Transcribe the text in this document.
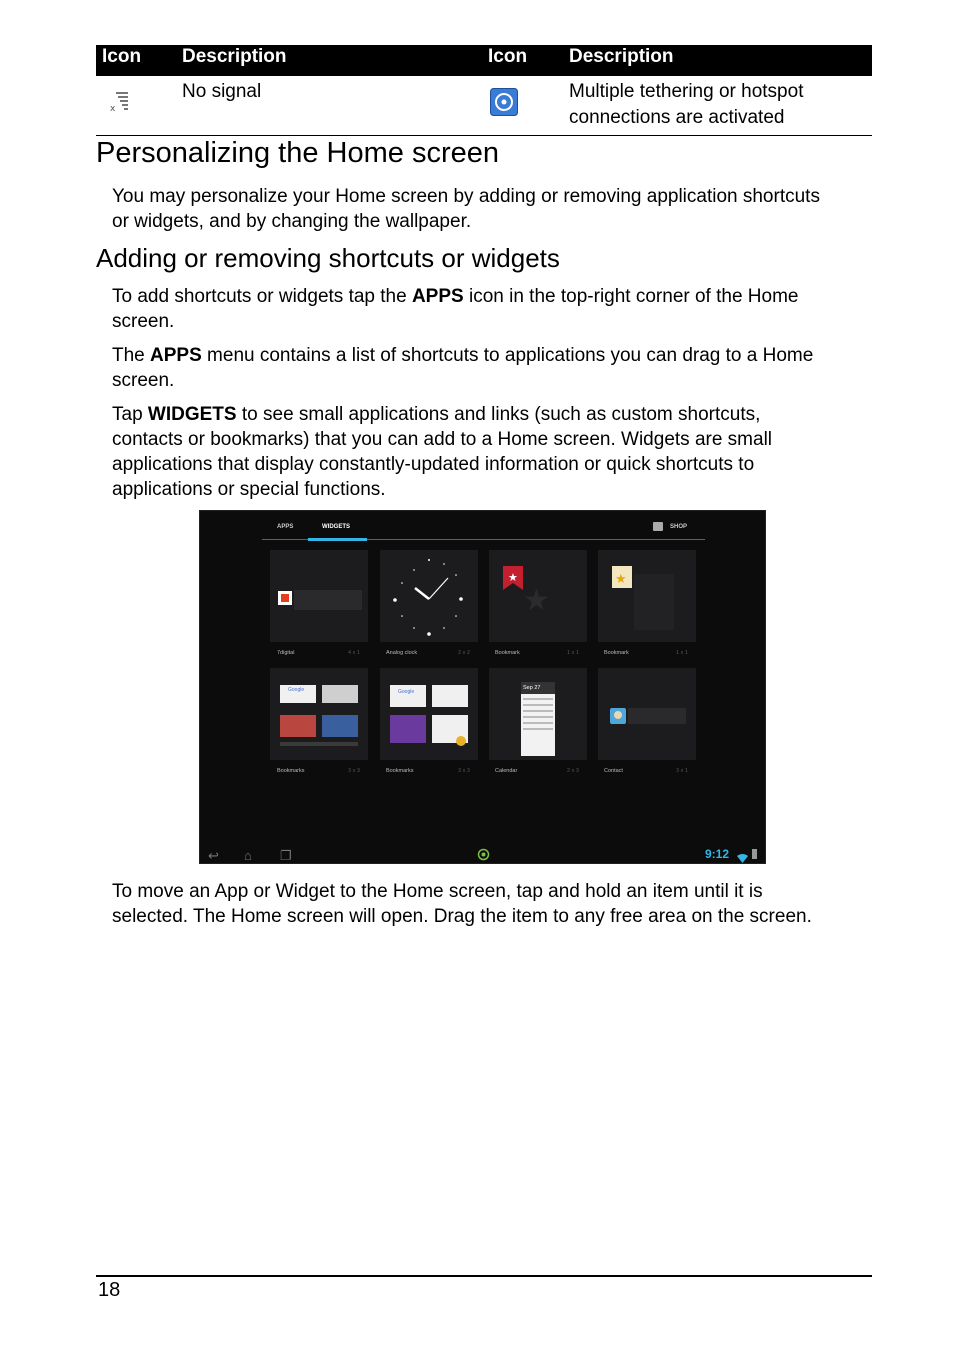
Icon Description	Icon Description
x
No signal	Multiple tethering or hotspot
connections are activated
Personalizing the Home screen

You may personalize your Home screen by adding or removing application shortcuts
or widgets, and by changing the wallpaper.

Adding or removing shortcuts or widgets

To add shortcuts or widgets tap the APPS icon in the top-right corner of the Home
screen.

The APPS menu contains a list of shortcuts to applications you can drag to a Home
screen.

Tap WIDGETS to see small applications and links (such as custom shortcuts,
contacts or bookmarks) that you can add to a Home screen. Widgets are small
applications that display constantly-updated information or quick shortcuts to
applications or special functions.

APPS	WIDGETS	SHOP
7digital	4 x 1	Analog clock	2 x 2
★
★
Bookmark	1 x 1
★
Bookmark	1 x 1
Google
Bookmarks	3 x 3
Google
Bookmarks	3 x 3
Sep 27
Calendar	2 x 3	Contact	3 x 1
↩ ⌂ ❐	9:12

To move an App or Widget to the Home screen, tap and hold an item until it is
selected. The Home screen will open. Drag the item to any free area on the screen.

18
